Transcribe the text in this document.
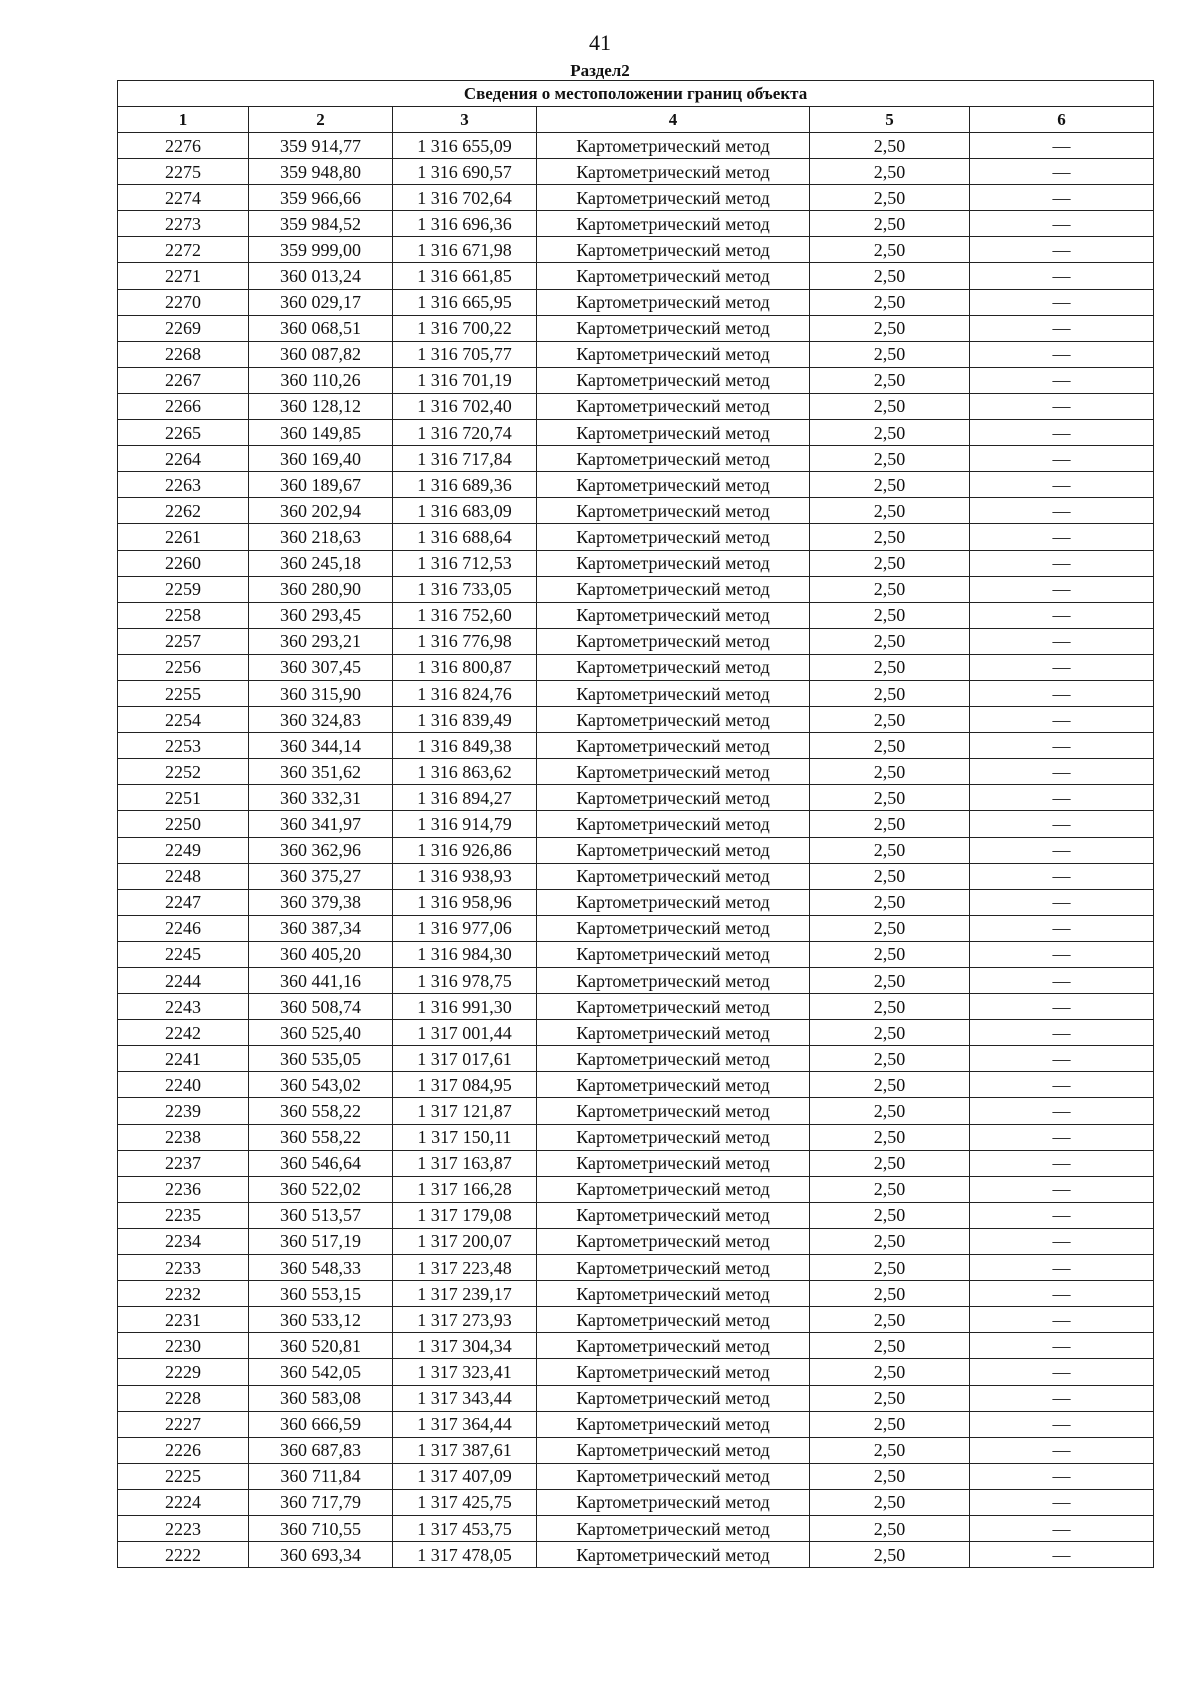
41
Раздел2
Сведения о местоположении границ объекта					
1	2	3	4	5	6
2276	359 914,77	1 316 655,09	Картометрический метод	2,50	—
2275	359 948,80	1 316 690,57	Картометрический метод	2,50	—
2274	359 966,66	1 316 702,64	Картометрический метод	2,50	—
2273	359 984,52	1 316 696,36	Картометрический метод	2,50	—
2272	359 999,00	1 316 671,98	Картометрический метод	2,50	—
2271	360 013,24	1 316 661,85	Картометрический метод	2,50	—
2270	360 029,17	1 316 665,95	Картометрический метод	2,50	—
2269	360 068,51	1 316 700,22	Картометрический метод	2,50	—
2268	360 087,82	1 316 705,77	Картометрический метод	2,50	—
2267	360 110,26	1 316 701,19	Картометрический метод	2,50	—
2266	360 128,12	1 316 702,40	Картометрический метод	2,50	—
2265	360 149,85	1 316 720,74	Картометрический метод	2,50	—
2264	360 169,40	1 316 717,84	Картометрический метод	2,50	—
2263	360 189,67	1 316 689,36	Картометрический метод	2,50	—
2262	360 202,94	1 316 683,09	Картометрический метод	2,50	—
2261	360 218,63	1 316 688,64	Картометрический метод	2,50	—
2260	360 245,18	1 316 712,53	Картометрический метод	2,50	—
2259	360 280,90	1 316 733,05	Картометрический метод	2,50	—
2258	360 293,45	1 316 752,60	Картометрический метод	2,50	—
2257	360 293,21	1 316 776,98	Картометрический метод	2,50	—
2256	360 307,45	1 316 800,87	Картометрический метод	2,50	—
2255	360 315,90	1 316 824,76	Картометрический метод	2,50	—
2254	360 324,83	1 316 839,49	Картометрический метод	2,50	—
2253	360 344,14	1 316 849,38	Картометрический метод	2,50	—
2252	360 351,62	1 316 863,62	Картометрический метод	2,50	—
2251	360 332,31	1 316 894,27	Картометрический метод	2,50	—
2250	360 341,97	1 316 914,79	Картометрический метод	2,50	—
2249	360 362,96	1 316 926,86	Картометрический метод	2,50	—
2248	360 375,27	1 316 938,93	Картометрический метод	2,50	—
2247	360 379,38	1 316 958,96	Картометрический метод	2,50	—
2246	360 387,34	1 316 977,06	Картометрический метод	2,50	—
2245	360 405,20	1 316 984,30	Картометрический метод	2,50	—
2244	360 441,16	1 316 978,75	Картометрический метод	2,50	—
2243	360 508,74	1 316 991,30	Картометрический метод	2,50	—
2242	360 525,40	1 317 001,44	Картометрический метод	2,50	—
2241	360 535,05	1 317 017,61	Картометрический метод	2,50	—
2240	360 543,02	1 317 084,95	Картометрический метод	2,50	—
2239	360 558,22	1 317 121,87	Картометрический метод	2,50	—
2238	360 558,22	1 317 150,11	Картометрический метод	2,50	—
2237	360 546,64	1 317 163,87	Картометрический метод	2,50	—
2236	360 522,02	1 317 166,28	Картометрический метод	2,50	—
2235	360 513,57	1 317 179,08	Картометрический метод	2,50	—
2234	360 517,19	1 317 200,07	Картометрический метод	2,50	—
2233	360 548,33	1 317 223,48	Картометрический метод	2,50	—
2232	360 553,15	1 317 239,17	Картометрический метод	2,50	—
2231	360 533,12	1 317 273,93	Картометрический метод	2,50	—
2230	360 520,81	1 317 304,34	Картометрический метод	2,50	—
2229	360 542,05	1 317 323,41	Картометрический метод	2,50	—
2228	360 583,08	1 317 343,44	Картометрический метод	2,50	—
2227	360 666,59	1 317 364,44	Картометрический метод	2,50	—
2226	360 687,83	1 317 387,61	Картометрический метод	2,50	—
2225	360 711,84	1 317 407,09	Картометрический метод	2,50	—
2224	360 717,79	1 317 425,75	Картометрический метод	2,50	—
2223	360 710,55	1 317 453,75	Картометрический метод	2,50	—
2222	360 693,34	1 317 478,05	Картометрический метод	2,50	—
